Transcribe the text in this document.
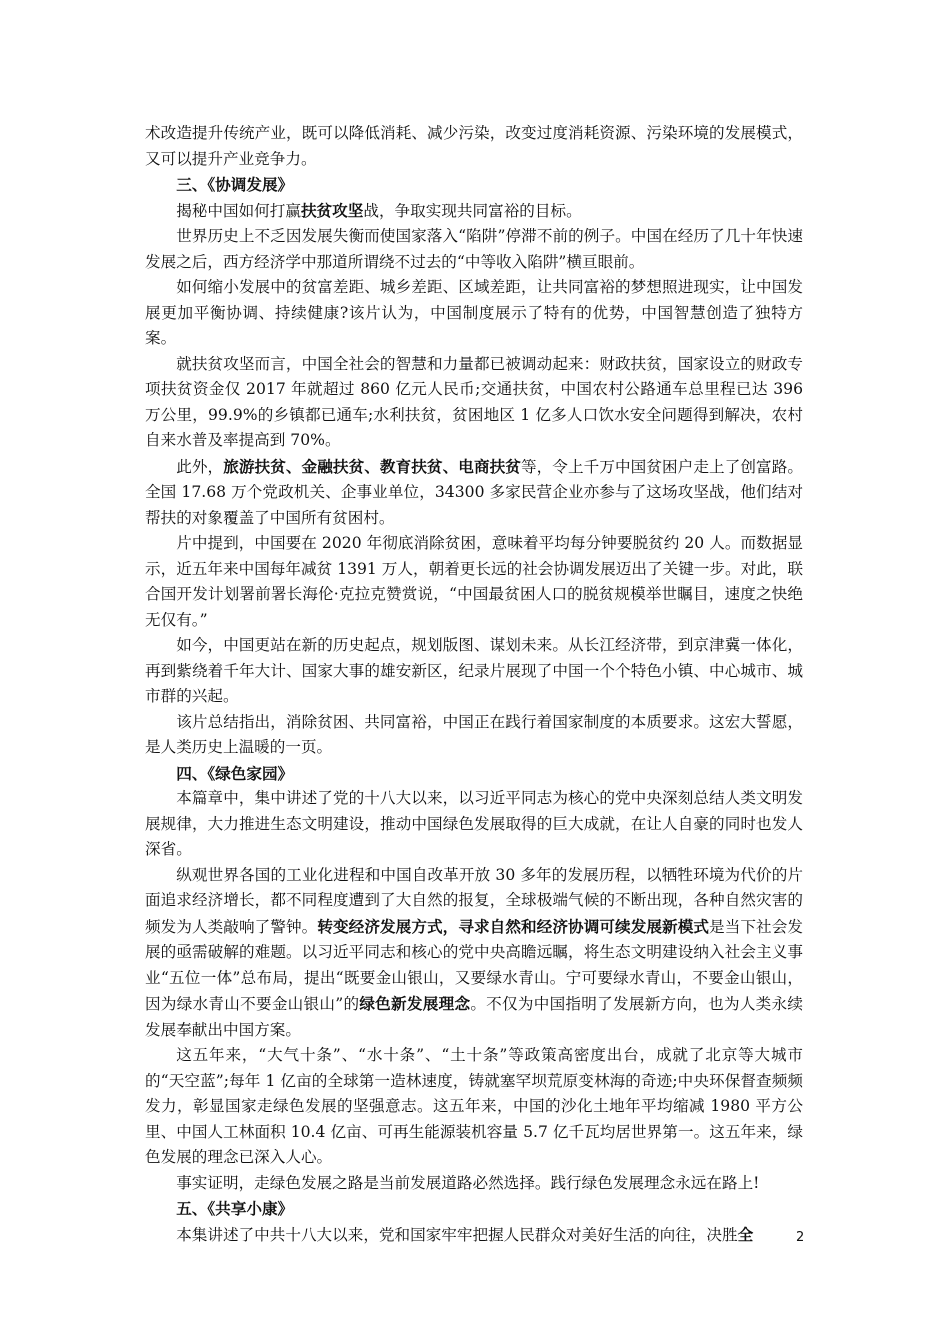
术改造提升传统产业，既可以降低消耗、减少污染，改变过度消耗资源、污染环境的发展模式，又可以提升产业竞争力。

三、《协调发展》

揭秘中国如何打赢扶贫攻坚战，争取实现共同富裕的目标。

世界历史上不乏因发展失衡而使国家落入“陷阱”停滞不前的例子。中国在经历了几十年快速发展之后，西方经济学中那道所谓绕不过去的“中等收入陷阱”横亘眼前。

如何缩小发展中的贫富差距、城乡差距、区域差距，让共同富裕的梦想照进现实，让中国发展更加平衡协调、持续健康?该片认为，中国制度展示了特有的优势，中国智慧创造了独特方案。

就扶贫攻坚而言，中国全社会的智慧和力量都已被调动起来：财政扶贫，国家设立的财政专项扶贫资金仅 2017 年就超过 860 亿元人民币;交通扶贫，中国农村公路通车总里程已达 396 万公里，99.9%的乡镇都已通车;水利扶贫，贫困地区 1 亿多人口饮水安全问题得到解决，农村自来水普及率提高到 70%。

此外，旅游扶贫、金融扶贫、教育扶贫、电商扶贫等，令上千万中国贫困户走上了创富路。全国 17.68 万个党政机关、企事业单位，34300 多家民营企业亦参与了这场攻坚战，他们结对帮扶的对象覆盖了中国所有贫困村。

片中提到，中国要在 2020 年彻底消除贫困，意味着平均每分钟要脱贫约 20 人。而数据显示，近五年来中国每年减贫 1391 万人，朝着更长远的社会协调发展迈出了关键一步。对此，联合国开发计划署前署长海伦·克拉克赞赏说，“中国最贫困人口的脱贫规模举世瞩目，速度之快绝无仅有。”

如今，中国更站在新的历史起点，规划版图、谋划未来。从长江经济带，到京津冀一体化，再到紫绕着千年大计、国家大事的雄安新区，纪录片展现了中国一个个特色小镇、中心城市、城市群的兴起。

该片总结指出，消除贫困、共同富裕，中国正在践行着国家制度的本质要求。这宏大誓愿，是人类历史上温暖的一页。

四、《绿色家园》

本篇章中，集中讲述了党的十八大以来，以习近平同志为核心的党中央深刻总结人类文明发展规律，大力推进生态文明建设，推动中国绿色发展取得的巨大成就，在让人自豪的同时也发人深省。

纵观世界各国的工业化进程和中国自改革开放 30 多年的发展历程，以牺牲环境为代价的片面追求经济增长，都不同程度遭到了大自然的报复，全球极端气候的不断出现，各种自然灾害的频发为人类敲响了警钟。转变经济发展方式，寻求自然和经济协调可续发展新模式是当下社会发展的亟需破解的难题。以习近平同志和核心的党中央高瞻远瞩，将生态文明建设纳入社会主义事业“五位一体”总布局，提出“既要金山银山，又要绿水青山。宁可要绿水青山，不要金山银山，因为绿水青山不要金山银山”的绿色新发展理念。不仅为中国指明了发展新方向，也为人类永续发展奉献出中国方案。

这五年来，“大气十条”、“水十条”、“土十条”等政策高密度出台，成就了北京等大城市的“天空蓝”;每年 1 亿亩的全球第一造林速度，铸就塞罕坝荒原变林海的奇迹;中央环保督查频频发力，彰显国家走绿色发展的坚强意志。这五年来，中国的沙化土地年平均缩减 1980 平方公里、中国人工林面积 10.4 亿亩、可再生能源装机容量 5.7 亿千瓦均居世界第一。这五年来，绿色发展的理念已深入人心。

事实证明，走绿色发展之路是当前发展道路必然选择。践行绿色发展理念永远在路上!

五、《共享小康》

本集讲述了中共十八大以来，党和国家牢牢把握人民群众对美好生活的向往，决胜全	2
